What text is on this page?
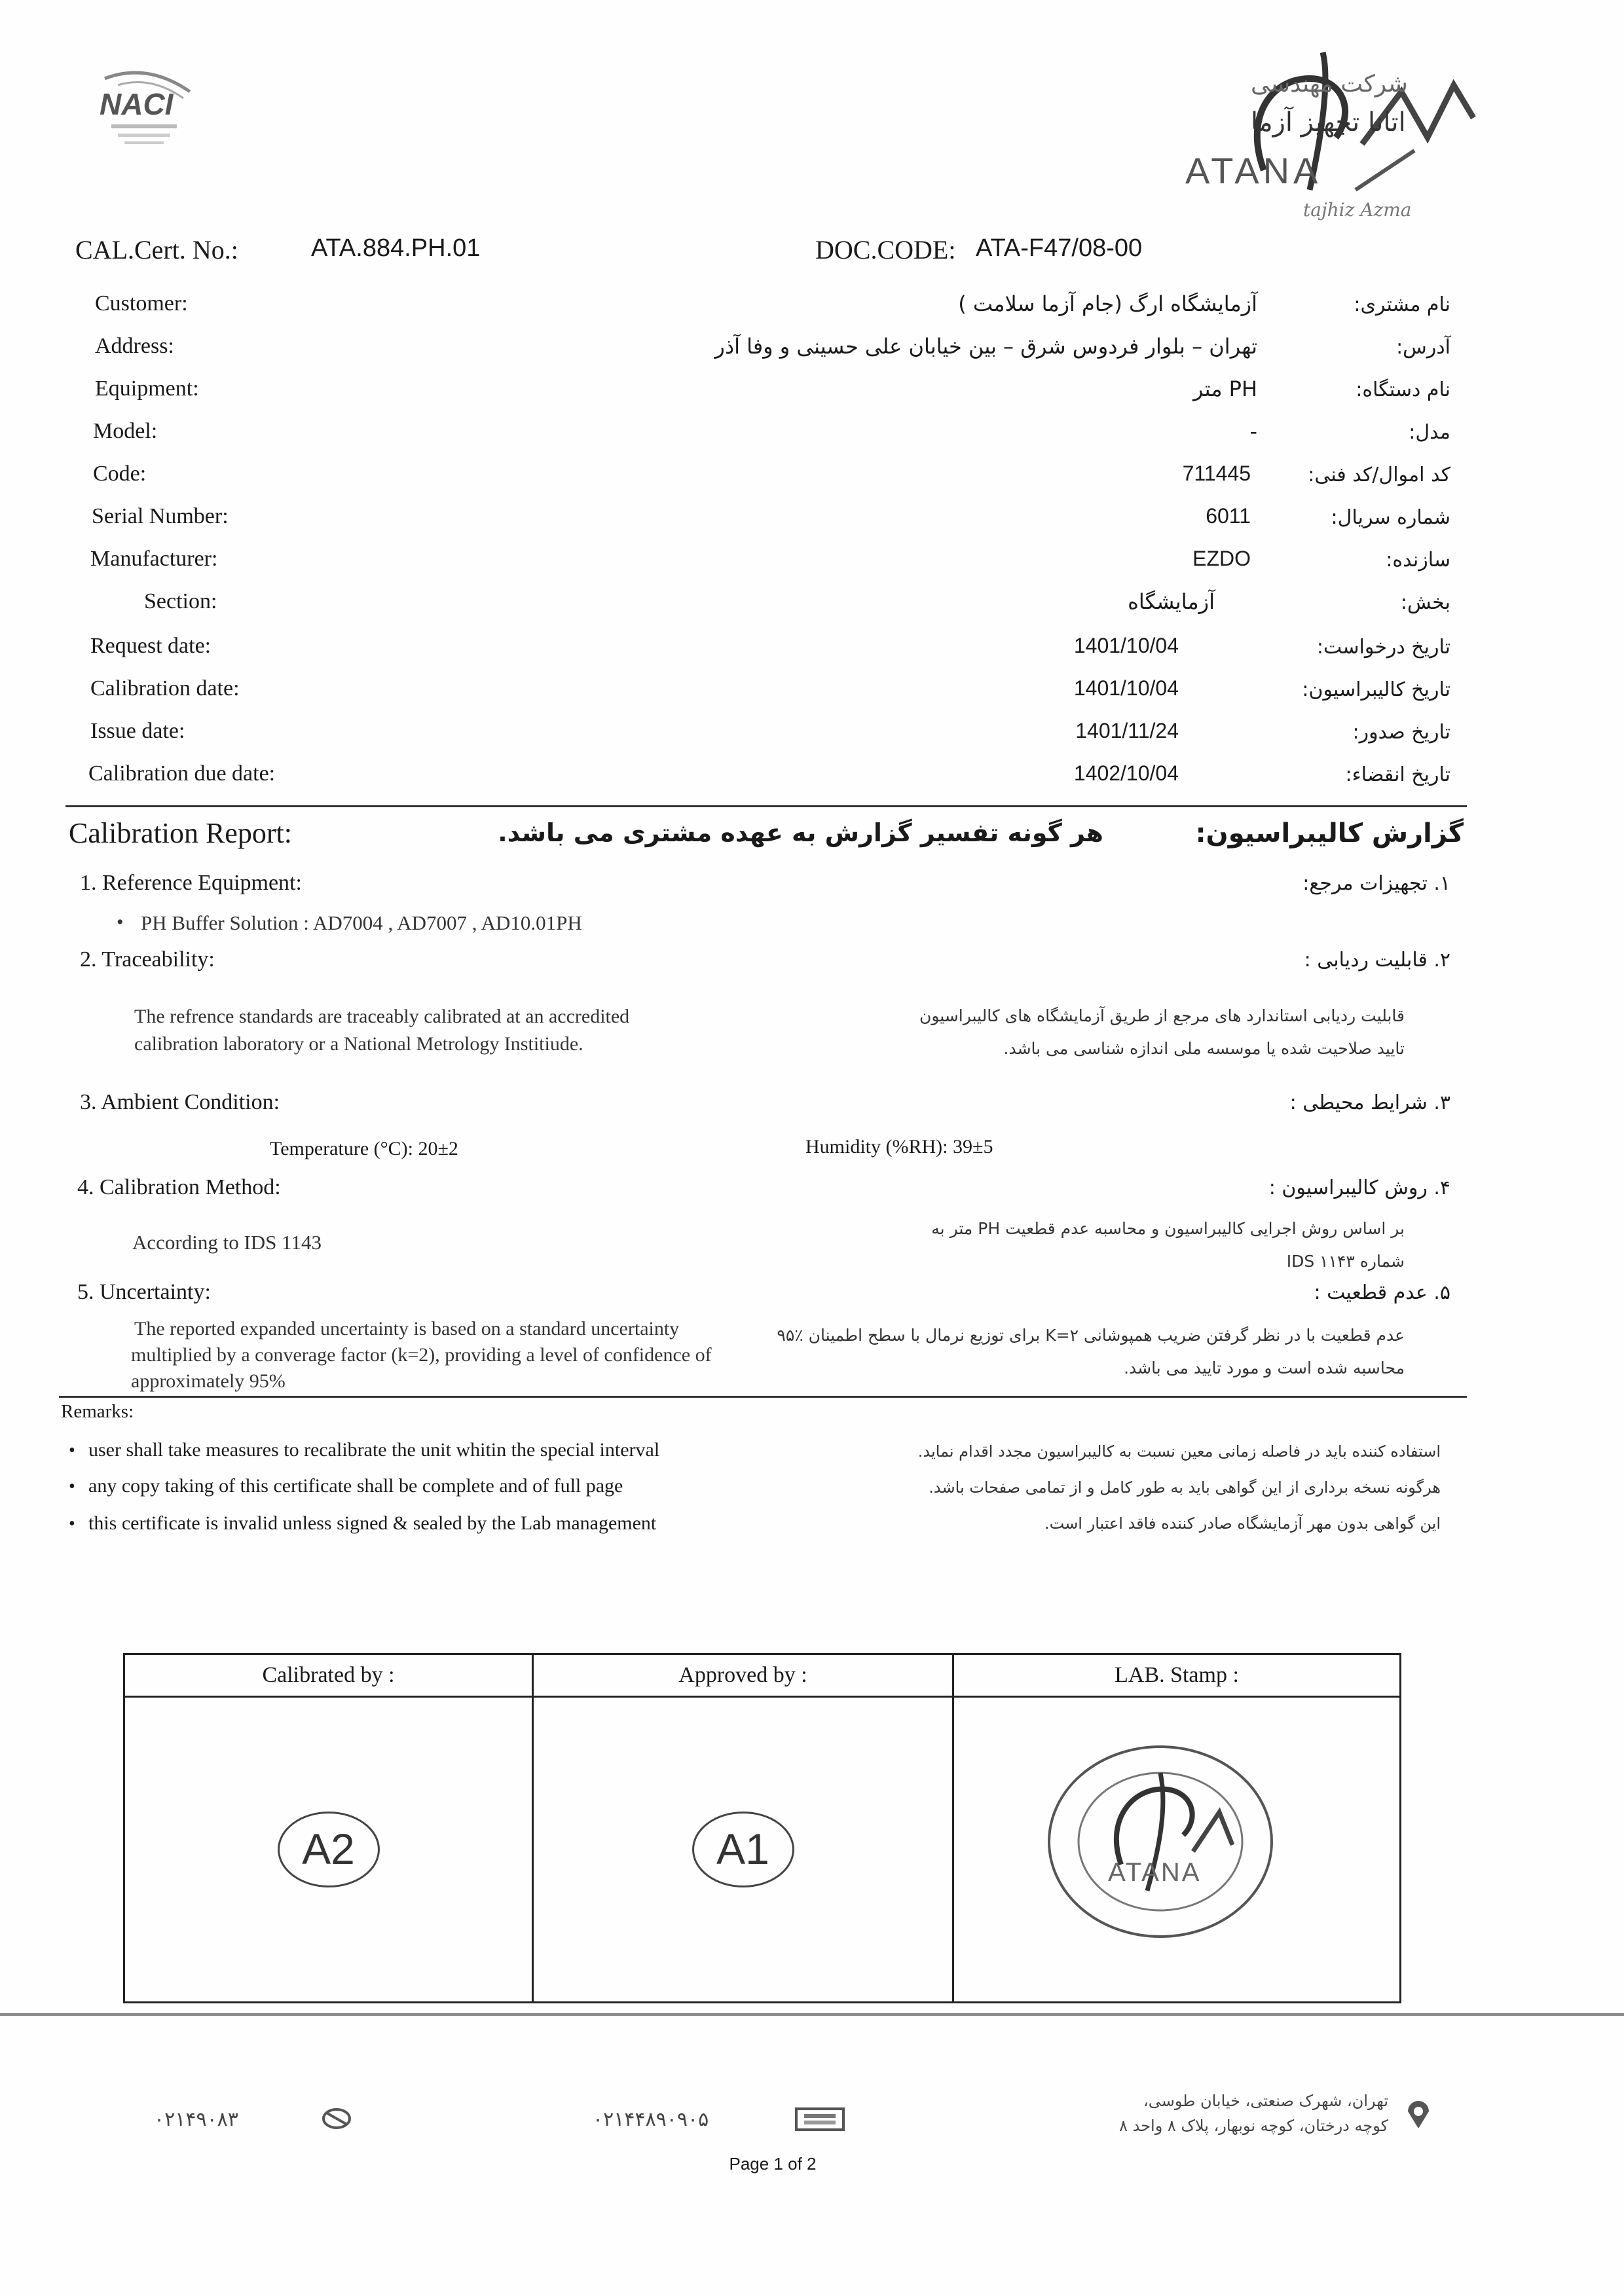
NACI
شرکت مهندسی
اتانا تجهیز آزما
ATANA
tajhiz Azma
CAL.Cert. No.:	ATA.884.PH.01	DOC.CODE: ATA-F47/08-00
Customer:	نام مشتری:
آزمایشگاه ارگ (جام آزما سلامت )
Address:	آدرس:
تهران – بلوار فردوس شرق – بین خیابان علی حسینی و وفا آذر
Equipment:	نام دستگاه:
PH متر
Model:	مدل:
-
Code:	کد اموال/کد فنی:
711445
Serial Number:	شماره سریال:
6011
Manufacturer:	سازنده:
EZDO
Section:	بخش:
آزمایشگاه
Request date:	تاریخ درخواست:
1401/10/04
Calibration date:	تاریخ کالیبراسیون:
1401/10/04
Issue date:	تاریخ صدور:
1401/11/24
Calibration due date:	تاریخ انقضاء:
1402/10/04
Calibration Report:	هر گونه تفسیر گزارش به عهده مشتری می باشد.	گزارش کالیبراسیون:
1. Reference Equipment:	۱. تجهیزات مرجع:
• PH Buffer Solution : AD7004 , AD7007 , AD10.01PH
2. Traceability:	۲. قابلیت ردیابی :
The refrence standards are traceably calibrated at an accredited
calibration laboratory or a National Metrology Institiude.
قابلیت ردیابی استاندارد های مرجع از طریق آزمایشگاه های کالیبراسیون
تایید صلاحیت شده یا موسسه ملی اندازه شناسی می باشد.
3. Ambient Condition:	۳. شرایط محیطی :
Temperature (°C): 20±2	Humidity (%RH): 39±5
4. Calibration Method:	۴. روش کالیبراسیون :
According to IDS 1143
بر اساس روش اجرایی کالیبراسیون و محاسبه عدم قطعیت PH متر به
شماره IDS ۱۱۴۳
5. Uncertainty:	۵. عدم قطعیت :
The reported expanded uncertainty is based on a standard uncertainty
multiplied by a converage factor (k=2), providing a level of confidence of
approximately 95%
عدم قطعیت با در نظر گرفتن ضریب همپوشانی K=۲ برای توزیع نرمال با سطح اطمینان ٪۹۵
محاسبه شده است و مورد تایید می باشد.
Remarks:
• user shall take measures to recalibrate the unit whitin the special interval
• any copy taking of this certificate shall be complete and of full page
• this certificate is invalid unless signed & sealed by the Lab management
استفاده کننده باید در فاصله زمانی معین نسبت به کالیبراسیون مجدد اقدام نماید.
هرگونه نسخه برداری از این گواهی باید به طور کامل و از تمامی صفحات باشد.
این گواهی بدون مهر آزمایشگاه صادر کننده فاقد اعتبار است.
Calibrated by :	Approved by :	LAB. Stamp :
A2	A1	ATANA
۰۲۱۴۹۰۸۳	۰۲۱۴۴۸۹۰۹۰۵
تهران، شهرک صنعتی، خیابان طوسی،
کوچه درختان، کوچه نوبهار، پلاک ۸ واحد ۸
Page 1 of 2
